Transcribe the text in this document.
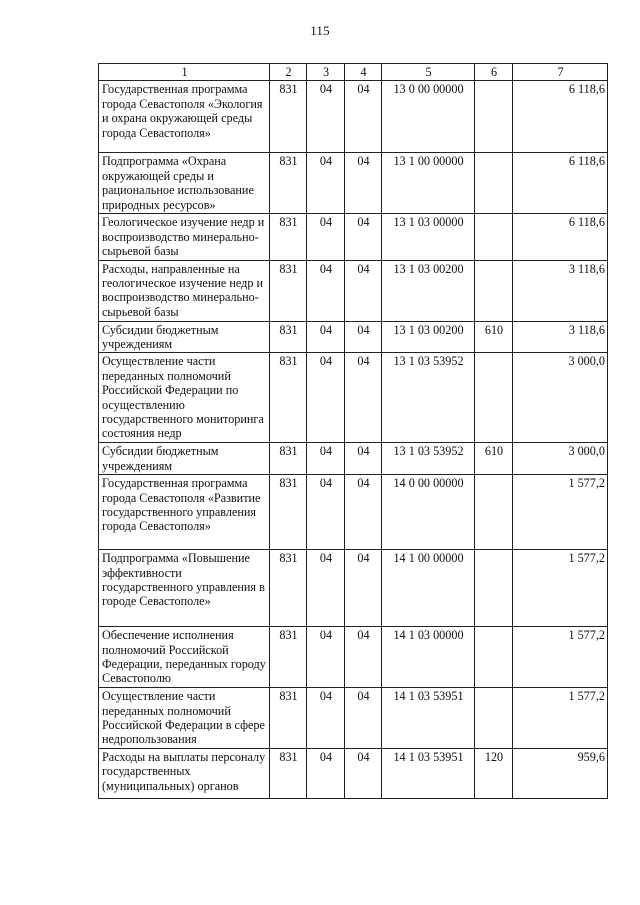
115
1	2	3	4	5	6	7
Государственная программа города Севастополя «Экология и охрана окружающей среды города Севастополя»	831	04	04	13 0 00 00000		6 118,6
Подпрограмма «Охрана окружающей среды и рациональное использование природных ресурсов»	831	04	04	13 1 00 00000		6 118,6
Геологическое изучение недр и воспроизводство минерально-сырьевой базы	831	04	04	13 1 03 00000		6 118,6
Расходы, направленные на геологическое изучение недр и воспроизводство минерально-сырьевой базы	831	04	04	13 1 03 00200		3 118,6
Субсидии бюджетным учреждениям	831	04	04	13 1 03 00200	610	3 118,6
Осуществление части переданных полномочий Российской Федерации по осуществлению государственного мониторинга состояния недр	831	04	04	13 1 03 53952		3 000,0
Субсидии бюджетным учреждениям	831	04	04	13 1 03 53952	610	3 000,0
Государственная программа города Севастополя «Развитие государственного управления города Севастополя»	831	04	04	14 0 00 00000		1 577,2
Подпрограмма «Повышение эффективности государственного управления в городе Севастополе»	831	04	04	14 1 00 00000		1 577,2
Обеспечение исполнения полномочий Российской Федерации, переданных городу Севастополю	831	04	04	14 1 03 00000		1 577,2
Осуществление части переданных полномочий Российской Федерации в сфере недропользования	831	04	04	14 1 03 53951		1 577,2
Расходы на выплаты персоналу государственных (муниципальных) органов	831	04	04	14 1 03 53951	120	959,6
